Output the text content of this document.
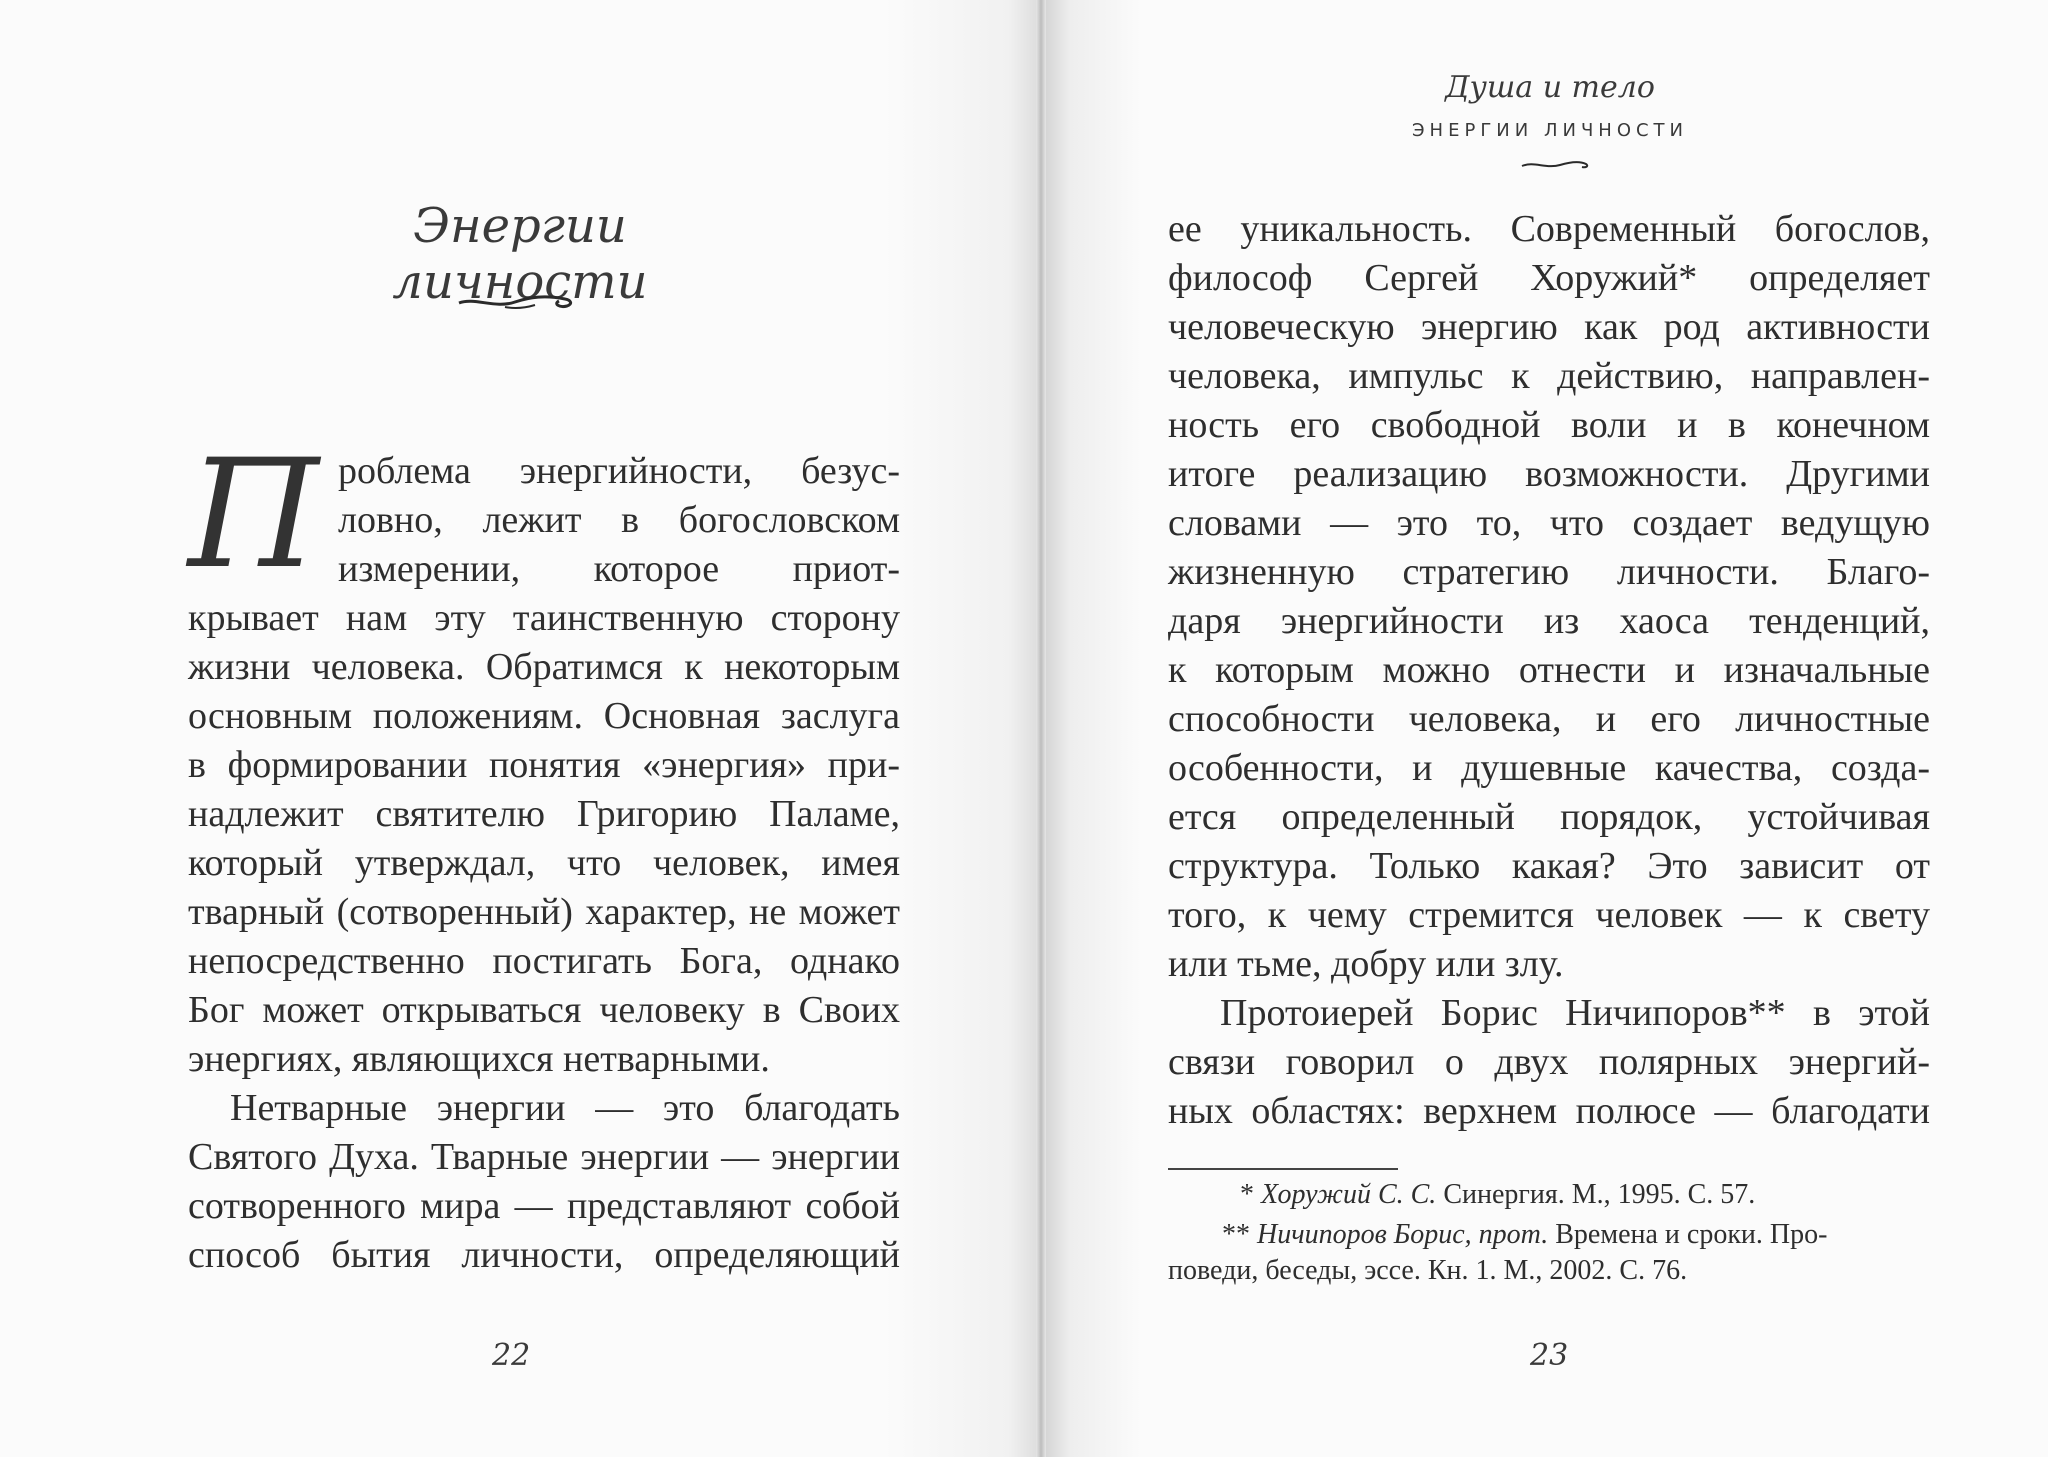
Энергии личности
П роблема энергийности, безус-
ловно, лежит в богословском
измерении, которое приот-
крывает нам эту таинственную сторону
жизни человека. Обратимся к некоторым
основным положениям. Основная заслуга
в формировании понятия «энергия» при-
надлежит святителю Григорию Паламе,
который утверждал, что человек, имея
тварный (сотворенный) характер, не может
непосредственно постигать Бога, однако
Бог может открываться человеку в Своих
энергиях, являющихся нетварными.
Нетварные энергии — это благодать
Святого Духа. Тварные энергии — энергии
сотворенного мира — представляют собой
способ бытия личности, определяющий
22
Душа и тело
ЭНЕРГИИ ЛИЧНОСТИ
ее уникальность. Современный богослов,
философ Сергей Хоружий* определяет
человеческую энергию как род активности
человека, импульс к действию, направлен-
ность его свободной воли и в конечном
итоге реализацию возможности. Другими
словами — это то, что создает ведущую
жизненную стратегию личности. Благо-
даря энергийности из хаоса тенденций,
к которым можно отнести и изначальные
способности человека, и его личностные
особенности, и душевные качества, созда-
ется определенный порядок, устойчивая
структура. Только какая? Это зависит от
того, к чему стремится человек — к свету
или тьме, добру или злу.
Протоиерей Борис Ничипоров** в этой
связи говорил о двух полярных энергий-
ных областях: верхнем полюсе — благодати
* Хоружий С. С. Синергия. М., 1995. С. 57.
** Ничипоров Борис, прот. Времена и сроки. Про-
поведи, беседы, эссе. Кн. 1. М., 2002. С. 76.
23
